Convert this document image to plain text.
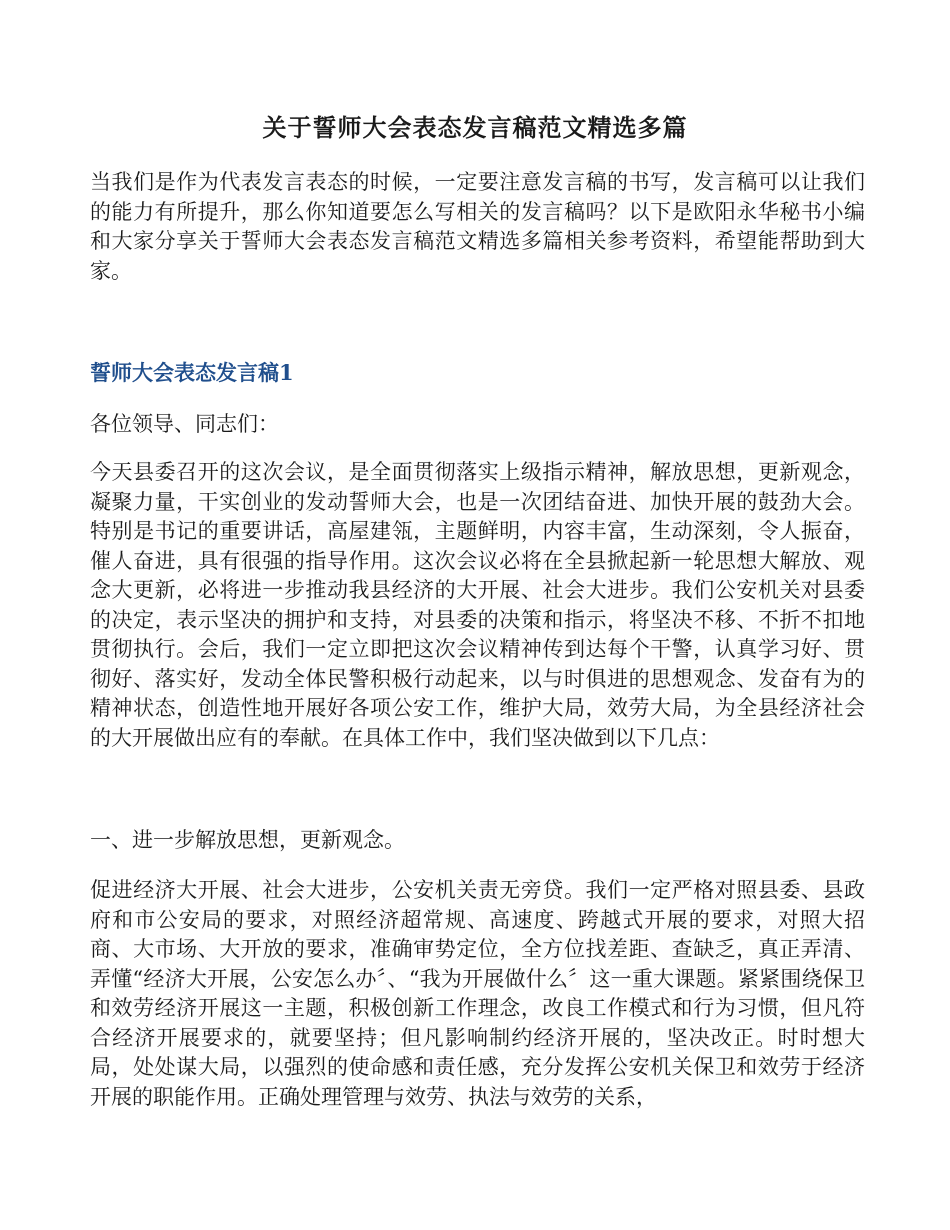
关于誓师大会表态发言稿范文精选多篇

当我们是作为代表发言表态的时候，一定要注意发言稿的书写，发言稿可以让我们的能力有所提升，那么你知道要怎么写相关的发言稿吗？以下是欧阳永华秘书小编和大家分享关于誓师大会表态发言稿范文精选多篇相关参考资料，希望能帮助到大家。

誓师大会表态发言稿1

各位领导、同志们：

今天县委召开的这次会议，是全面贯彻落实上级指示精神，解放思想，更新观念，凝聚力量，干实创业的发动誓师大会，也是一次团结奋进、加快开展的鼓劲大会。特别是书记的重要讲话，高屋建瓴，主题鲜明，内容丰富，生动深刻，令人振奋，催人奋进，具有很强的指导作用。这次会议必将在全县掀起新一轮思想大解放、观念大更新，必将进一步推动我县经济的大开展、社会大进步。我们公安机关对县委的决定，表示坚决的拥护和支持，对县委的决策和指示，将坚决不移、不折不扣地贯彻执行。会后，我们一定立即把这次会议精神传到达每个干警，认真学习好、贯彻好、落实好，发动全体民警积极行动起来，以与时俱进的思想观念、发奋有为的精神状态，创造性地开展好各项公安工作，维护大局，效劳大局，为全县经济社会的大开展做出应有的奉献。在具体工作中，我们坚决做到以下几点：

一、进一步解放思想，更新观念。

促进经济大开展、社会大进步，公安机关责无旁贷。我们一定严格对照县委、县政府和市公安局的要求，对照经济超常规、高速度、跨越式开展的要求，对照大招商、大市场、大开放的要求，准确审势定位，全方位找差距、查缺乏，真正弄清、弄懂“经济大开展，公安怎么办〞、“我为开展做什么〞这一重大课题。紧紧围绕保卫和效劳经济开展这一主题，积极创新工作理念，改良工作模式和行为习惯，但凡符合经济开展要求的，就要坚持；但凡影响制约经济开展的，坚决改正。时时想大局，处处谋大局，以强烈的使命感和责任感，充分发挥公安机关保卫和效劳于经济开展的职能作用。正确处理管理与效劳、执法与效劳的关系，
